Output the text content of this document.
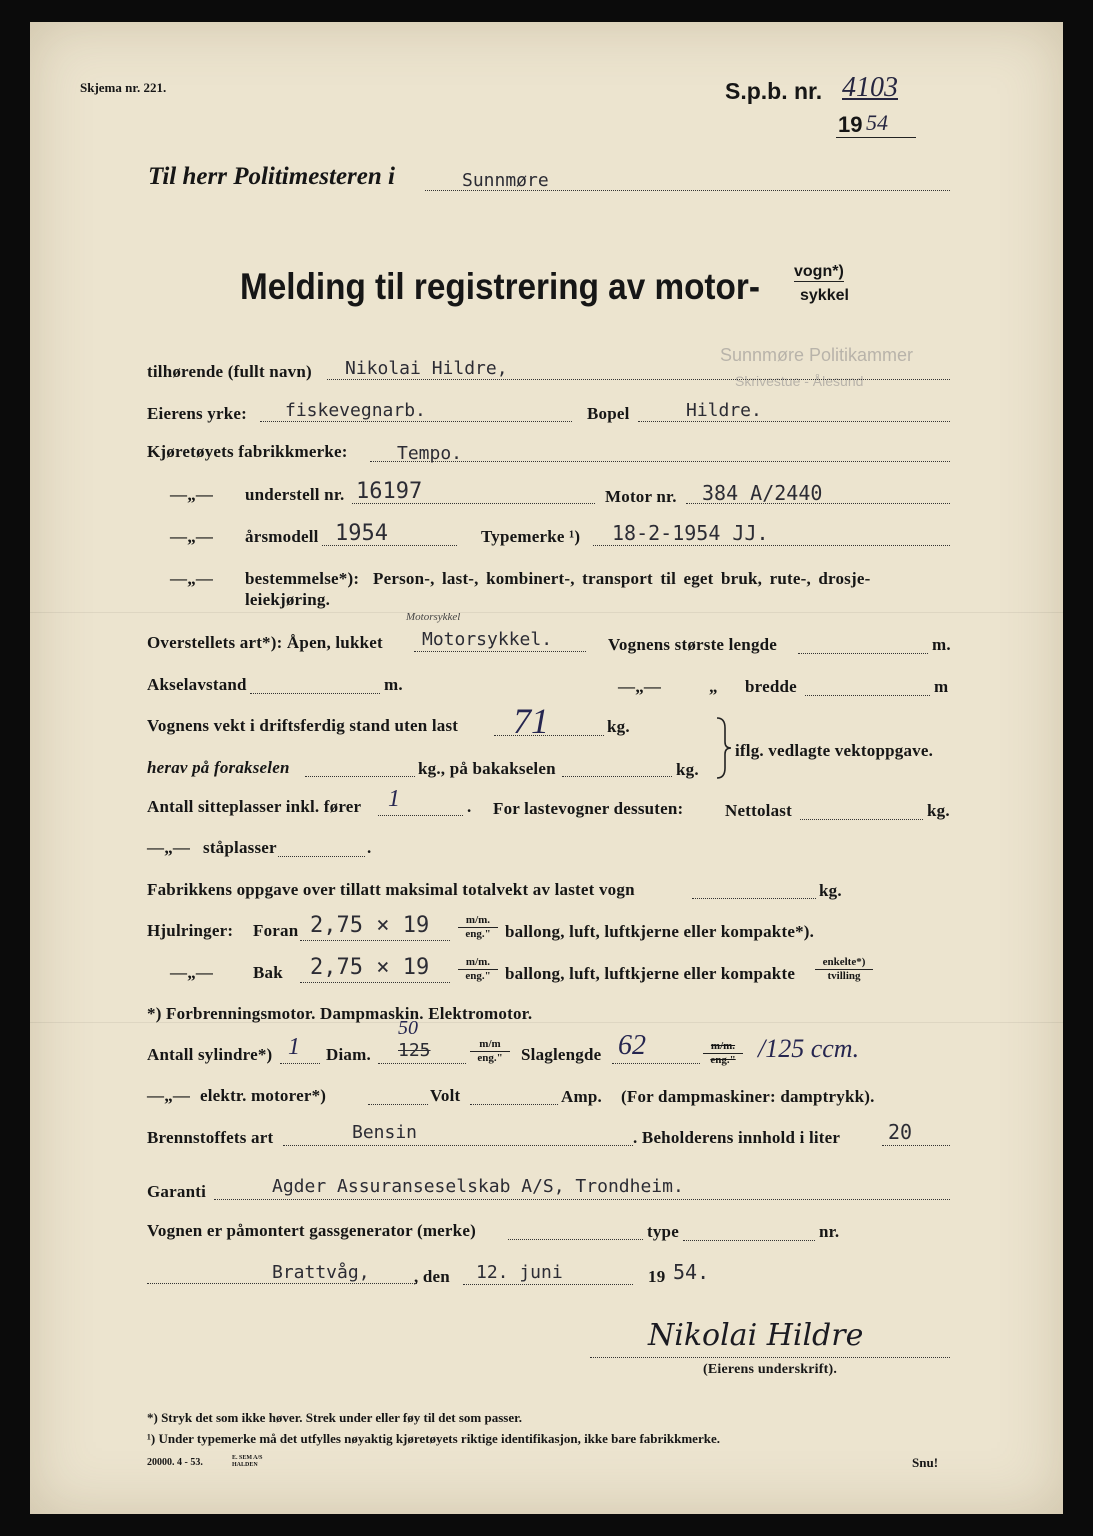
Skjema nr. 221.	S.p.b. nr. 4103
19 54
Til herr Politimesteren i	Sunnmøre
Melding til registrering av motor- vogn*)
sykkel
Sunnmøre Politikammer
Skrivestue - Ålesund
tilhørende (fullt navn) Nikolai Hildre,
Eierens yrke: fiskevegnarb.	Bopel	Hildre.
Kjøretøyets fabrikkmerke:	Tempo.
—„— understell nr. 16197	Motor nr. 384 A/2440
—„— årsmodell 1954	Typemerke ¹) 18-2-1954 JJ.
—„— bestemmelse*): Person-, last-, kombinert-, transport til eget bruk, rute-, drosje-
leiekjøring.
Motorsykkel
Overstellets art*): Åpen, lukket Motorsykkel.	Vognens største lengde	m.
Akselavstand	m.	—„—	„ bredde	m
Vognens vekt i driftsferdig stand uten last 71	kg.
herav på forakselen	kg., på bakakselen	kg.
iflg. vedlagte vektoppgave.
Antall sitteplasser inkl. fører 1	. For lastevogner dessuten: Nettolast	kg.
—„— ståplasser	.
Fabrikkens oppgave over tillatt maksimal totalvekt av lastet vogn	kg.
Hjulringer: Foran 2,75 × 19	m/m.
eng." ballong, luft, luftkjerne eller kompakte*).
—„— Bak 2,75 × 19	m/m.
eng." ballong, luft, luftkjerne eller kompakte
enkelte*)
tvilling
*) Forbrenningsmotor. Dampmaskin. Elektromotor.
Antall sylindre*) 1 Diam.
50
125	m/m
eng."	Slaglengde 62	m/m.
eng." /125 ccm.
—„— elektr. motorer*)	Volt	Amp. (For dampmaskiner: damptrykk).
Brennstoffets art	Bensin	. Beholderens innhold i liter 20
Garanti	Agder Assuranseselskab A/S, Trondheim.
Vognen er påmontert gassgenerator (merke)	type	nr.
Brattvåg,	, den 12. juni	19 54.
Nikolai Hildre
(Eierens underskrift).
*) Stryk det som ikke høver. Strek under eller føy til det som passer.
¹) Under typemerke må det utfylles nøyaktig kjøretøyets riktige identifikasjon, ikke bare fabrikkmerke.
20000. 4 - 53.	E. SEM A/S HALDEN	Snu!
